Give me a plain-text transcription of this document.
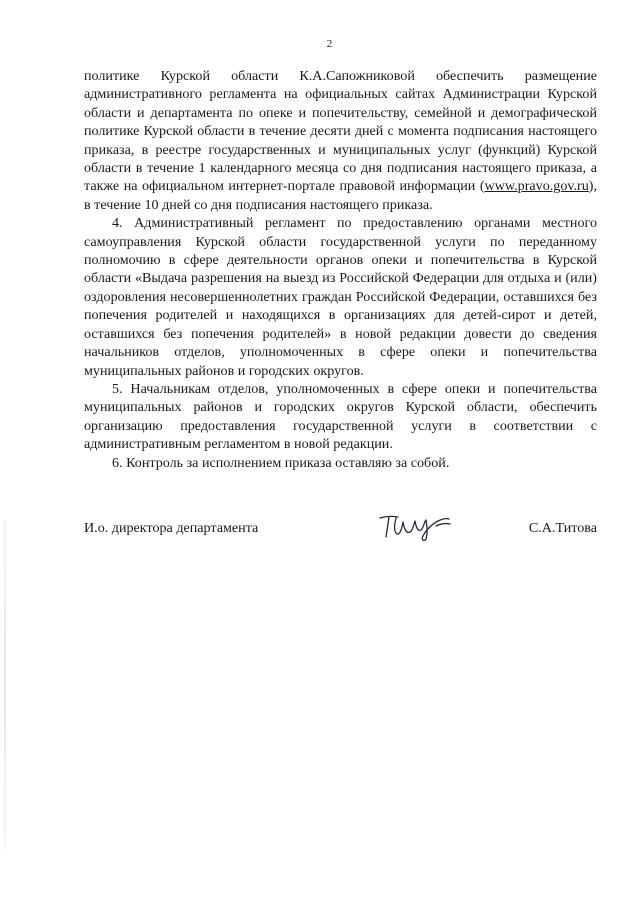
2

политике Курской области К.А.Сапожниковой обеспечить размещение административного регламента на официальных сайтах Администрации Курской области и департамента по опеке и попечительству, семейной и демографической политике Курской области в течение десяти дней с момента подписания настоящего приказа, в реестре государственных и муниципальных услуг (функций) Курской области в течение 1 календарного месяца со дня подписания настоящего приказа, а также на официальном интернет-портале правовой информации (www.pravo.gov.ru), в течение 10 дней со дня подписания настоящего приказа.

4. Административный регламент по предоставлению органами местного самоуправления Курской области государственной услуги по переданному полномочию в сфере деятельности органов опеки и попечительства в Курской области «Выдача разрешения на выезд из Российской Федерации для отдыха и (или) оздоровления несовершеннолетних граждан Российской Федерации, оставшихся без попечения родителей и находящихся в организациях для детей-сирот и детей, оставшихся без попечения родителей» в новой редакции довести до сведения начальников отделов, уполномоченных в сфере опеки и попечительства муниципальных районов и городских округов.

5. Начальникам отделов, уполномоченных в сфере опеки и попечительства муниципальных районов и городских округов Курской области, обеспечить организацию предоставления государственной услуги в соответствии с административным регламентом в новой редакции.

6. Контроль за исполнением приказа оставляю за собой.

И.о. директора департамента	С.А.Титова
